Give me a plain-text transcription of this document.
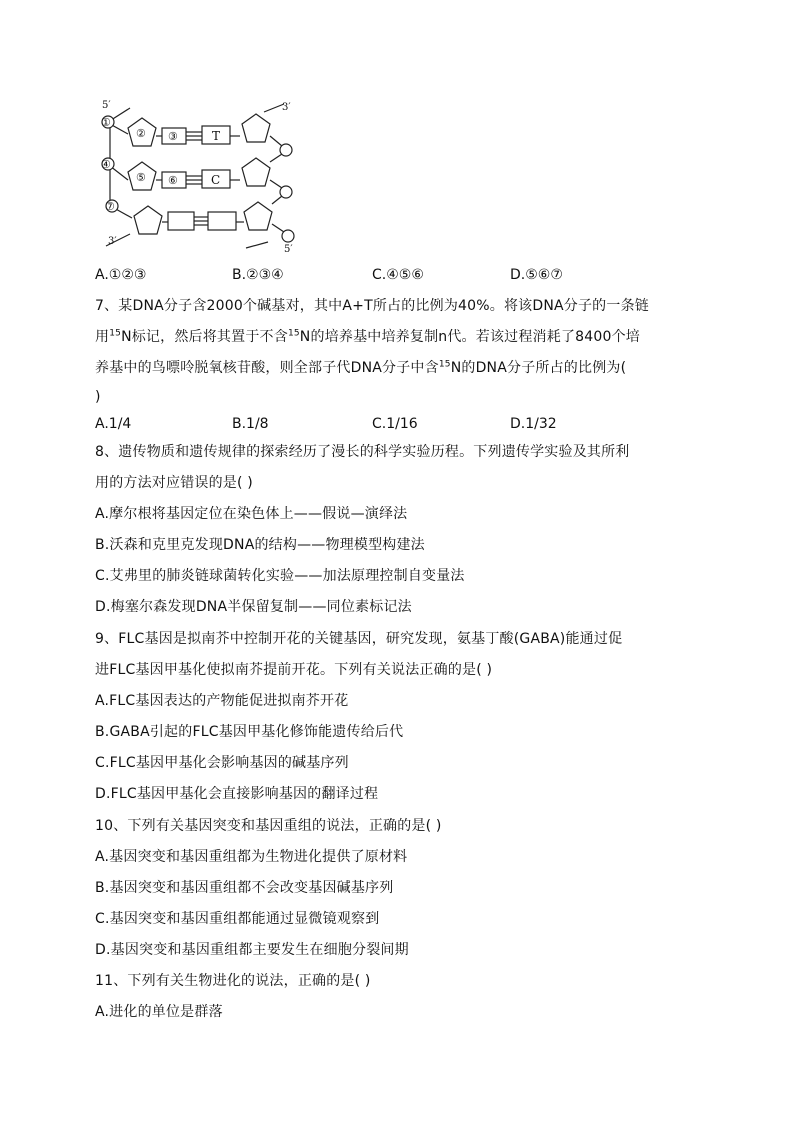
5′	3′
3′
5′
①
② ③
④
⑤ ⑥
⑦
T
C
A.①②③	B.②③④	C.④⑤⑥	D.⑤⑥⑦
7、某DNA分子含2000个碱基对，其中A+T所占的比例为40%。将该DNA分子的一条链
用$^{15}$N标记，然后将其置于不含$^{15}$N的培养基中培养复制n代。若该过程消耗了8400个培
养基中的鸟嘌呤脱氧核苷酸，则全部子代DNA分子中含$^{15}$N的DNA分子所占的比例为(
)
A.1/4	B.1/8	C.1/16	D.1/32
8、遗传物质和遗传规律的探索经历了漫长的科学实验历程。下列遗传学实验及其所利
用的方法对应错误的是( )
A.摩尔根将基因定位在染色体上——假说—演绎法
B.沃森和克里克发现DNA的结构——物理模型构建法
C.艾弗里的肺炎链球菌转化实验——加法原理控制自变量法
D.梅塞尔森发现DNA半保留复制——同位素标记法
9、FLC基因是拟南芥中控制开花的关键基因，研究发现，氨基丁酸(GABA)能通过促
进FLC基因甲基化使拟南芥提前开花。下列有关说法正确的是( )
A.FLC基因表达的产物能促进拟南芥开花
B.GABA引起的FLC基因甲基化修饰能遗传给后代
C.FLC基因甲基化会影响基因的碱基序列
D.FLC基因甲基化会直接影响基因的翻译过程
10、下列有关基因突变和基因重组的说法，正确的是( )
A.基因突变和基因重组都为生物进化提供了原材料
B.基因突变和基因重组都不会改变基因碱基序列
C.基因突变和基因重组都能通过显微镜观察到
D.基因突变和基因重组都主要发生在细胞分裂间期
11、下列有关生物进化的说法，正确的是( )
A.进化的单位是群落
